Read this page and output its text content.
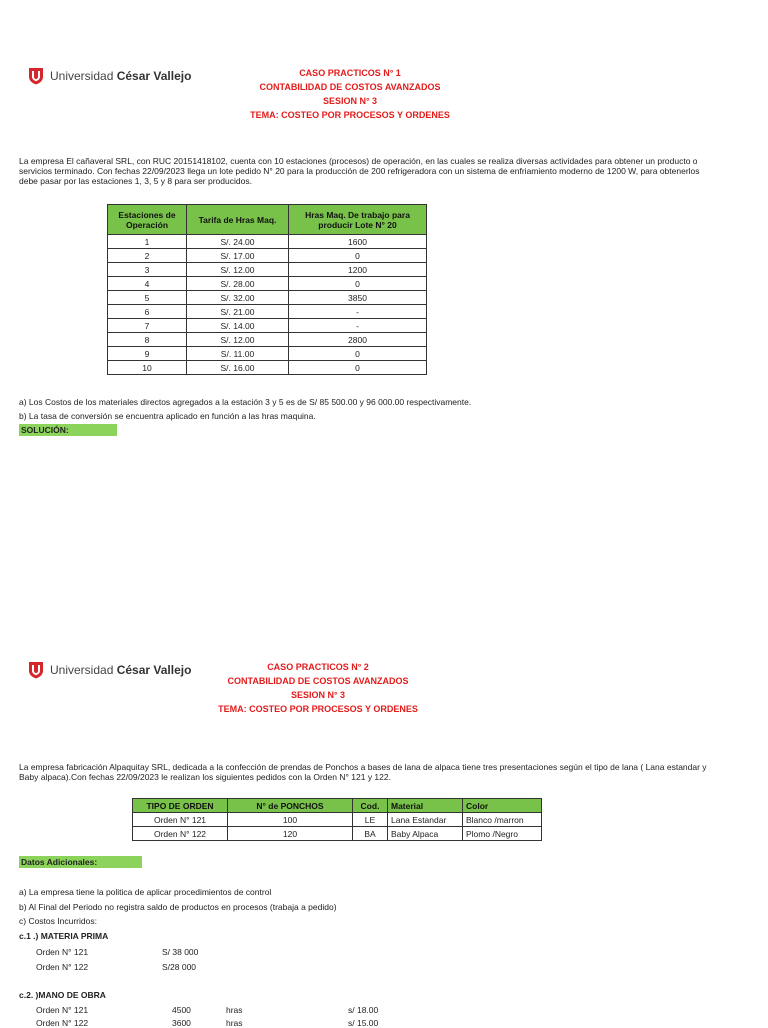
Universidad César Vallejo	CASO PRACTICOS N° 1
CONTABILIDAD DE COSTOS AVANZADOS
SESION N° 3
TEMA: COSTEO POR PROCESOS Y ORDENES
La empresa El cañaveral SRL, con RUC 20151418102, cuenta con 10 estaciones (procesos) de operación, en las cuales se realiza diversas actividades para obtener un producto o servicios terminado. Con fechas 22/09/2023 llega un lote pedido N° 20 para la producción de 200 refrigeradora con un sistema de enfriamiento moderno de 1200 W, para obtenerlos debe pasar por las estaciones 1, 3, 5 y 8 para ser producidos.
Estaciones de Operación	Tarifa de Hras Maq.	Hras Maq. De trabajo para producir Lote N° 20
1	S/. 24.00	1600
2	S/. 17.00	0
3	S/. 12.00	1200
4	S/. 28.00	0
5	S/. 32.00	3850
6	S/. 21.00	-
7	S/. 14.00	-
8	S/. 12.00	2800
9	S/. 11.00	0
10	S/. 16.00	0
a) Los Costos de los materiales directos agregados a la estación 3 y 5 es de S/ 85 500.00 y 96 000.00 respectivamente.
b) La tasa de conversión se encuentra aplicado en función a las hras maquina.
SOLUCIÓN:
Universidad César Vallejo	CASO PRACTICOS N° 2
CONTABILIDAD DE COSTOS AVANZADOS
SESION N° 3
TEMA: COSTEO POR PROCESOS Y ORDENES
La empresa fabricación Alpaquitay SRL, dedicada a la confección de prendas de Ponchos a bases de lana de alpaca tiene tres presentaciones según el tipo de lana ( Lana estandar y Baby alpaca).Con fechas 22/09/2023 le realizan los siguientes pedidos con la Orden N° 121 y 122.
TIPO DE ORDEN	N° de PONCHOS	Cod.	Material	Color
Orden N° 121	100	LE	Lana Estandar	Blanco /marron
Orden N° 122	120	BA	Baby Alpaca	Plomo /Negro
Datos Adicionales:
a) La empresa tiene la politica de aplicar procedimientos de control
b) Al Final del Periodo no registra saldo de productos en procesos (trabaja a pedido)
c) Costos Incurridos:
c.1 .) MATERIA PRIMA
Orden N° 121	S/ 38 000
Orden N° 122	S/28 000
c.2. )MANO DE OBRA
Orden N° 121	4500	hras	s/ 18.00
Orden N° 122	3600	hras	s/ 15.00
